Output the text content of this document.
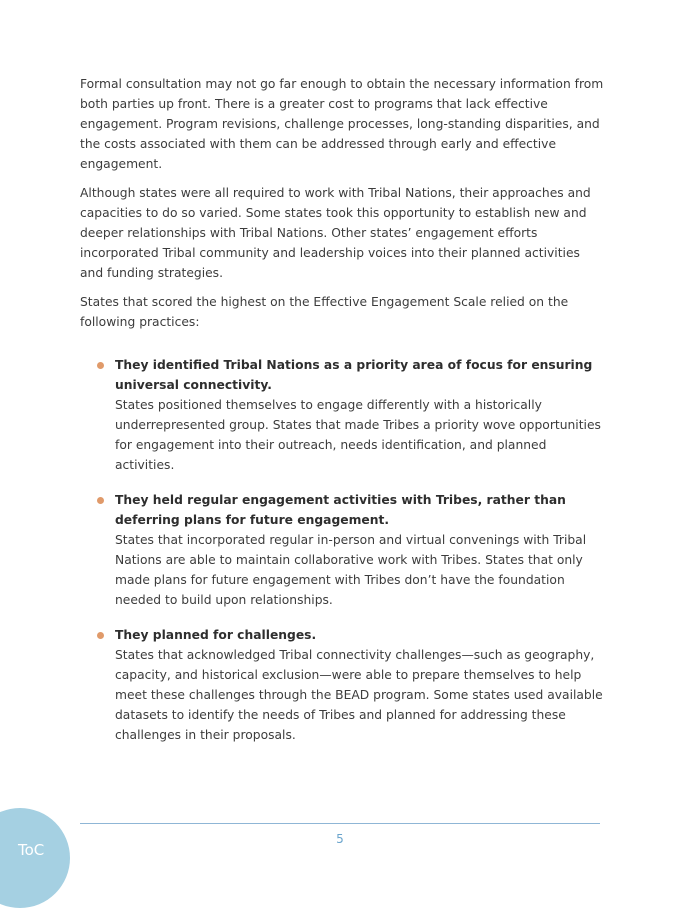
Formal consultation may not go far enough to obtain the necessary information from both parties up front. There is a greater cost to programs that lack effective engagement. Program revisions, challenge processes, long-standing disparities, and the costs associated with them can be addressed through early and effective engagement.

Although states were all required to work with Tribal Nations, their approaches and capacities to do so varied. Some states took this opportunity to establish new and deeper relationships with Tribal Nations. Other states’ engagement efforts incorporated Tribal community and leadership voices into their planned activities and funding strategies.

States that scored the highest on the Effective Engagement Scale relied on the following practices:

They identified Tribal Nations as a priority area of focus for ensuring universal connectivity.

States positioned themselves to engage differently with a historically underrepresented group. States that made Tribes a priority wove opportunities for engagement into their outreach, needs identification, and planned activities.

They held regular engagement activities with Tribes, rather than deferring plans for future engagement.

States that incorporated regular in-person and virtual convenings with Tribal Nations are able to maintain collaborative work with Tribes. States that only made plans for future engagement with Tribes don’t have the foundation needed to build upon relationships.

They planned for challenges.

States that acknowledged Tribal connectivity challenges—such as geography, capacity, and historical exclusion—were able to prepare themselves to help meet these challenges through the BEAD program. Some states used available datasets to identify the needs of Tribes and planned for addressing these challenges in their proposals.

5
ToC
